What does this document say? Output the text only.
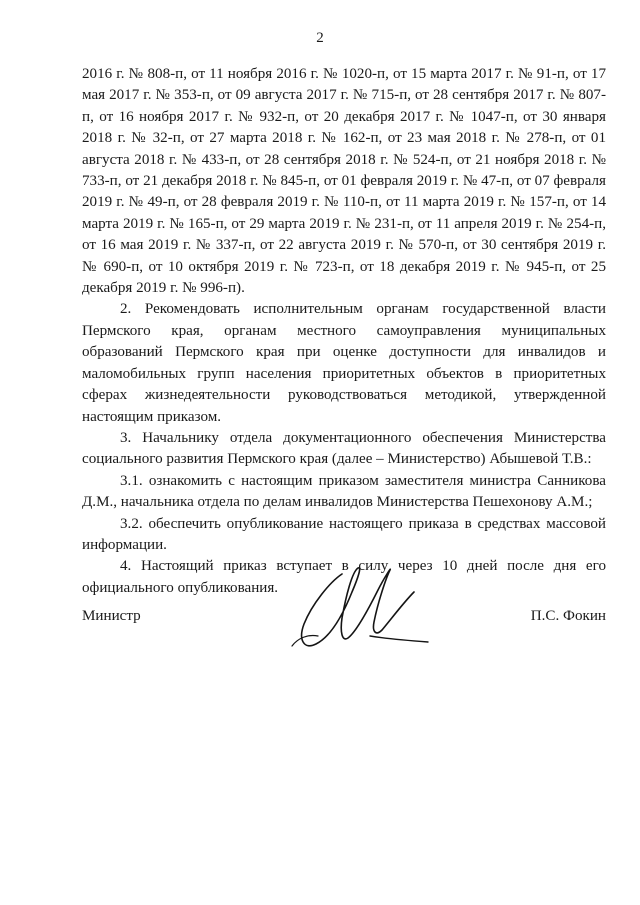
2

2016 г. № 808-п, от 11 ноября 2016 г. № 1020-п, от 15 марта 2017 г. № 91-п, от 17 мая 2017 г. № 353-п, от 09 августа 2017 г. № 715-п, от 28 сентября 2017 г. № 807-п, от 16 ноября 2017 г. № 932-п, от 20 декабря 2017 г. № 1047-п, от 30 января 2018 г. № 32-п, от 27 марта 2018 г. № 162-п, от 23 мая 2018 г. № 278-п, от 01 августа 2018 г. № 433-п, от 28 сентября 2018 г. № 524-п, от 21 ноября 2018 г. № 733-п, от 21 декабря 2018 г. № 845-п, от 01 февраля 2019 г. № 47-п, от 07 февраля 2019 г. № 49-п, от 28 февраля 2019 г. № 110-п, от 11 марта 2019 г. № 157-п, от 14 марта 2019 г. № 165-п, от 29 марта 2019 г. № 231-п, от 11 апреля 2019 г. № 254-п, от 16 мая 2019 г. № 337-п, от 22 августа 2019 г. № 570-п, от 30 сентября 2019 г. № 690-п, от 10 октября 2019 г. № 723-п, от 18 декабря 2019 г. № 945-п, от 25 декабря 2019 г. № 996-п).

2. Рекомендовать исполнительным органам государственной власти Пермского края, органам местного самоуправления муниципальных образований Пермского края при оценке доступности для инвалидов и маломобильных групп населения приоритетных объектов в приоритетных сферах жизнедеятельности руководствоваться методикой, утвержденной настоящим приказом.

3. Начальнику отдела документационного обеспечения Министерства социального развития Пермского края (далее – Министерство) Абышевой Т.В.:

3.1. ознакомить с настоящим приказом заместителя министра Санникова Д.М., начальника отдела по делам инвалидов Министерства Пешехонову А.М.;

3.2. обеспечить опубликование настоящего приказа в средствах массовой информации.

4. Настоящий приказ вступает в силу через 10 дней после дня его официального опубликования.

Министр	П.С. Фокин
